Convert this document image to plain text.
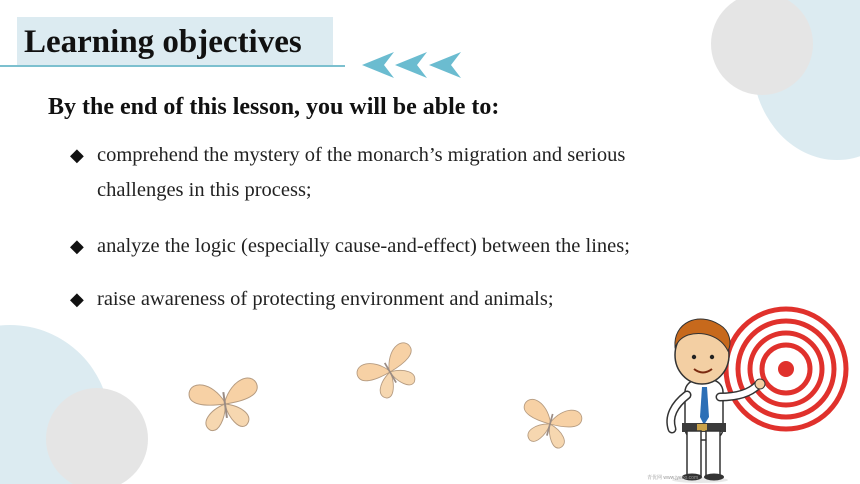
Learning objectives
By the end of this lesson, you will be able to:
◆ comprehend the mystery of the monarch’s migration and serious
challenges in this process;
◆ analyze the logic (especially cause-and-effect) between the lines;
◆ raise awareness of protecting environment and animals;
青优网 www.jyeoo.com
